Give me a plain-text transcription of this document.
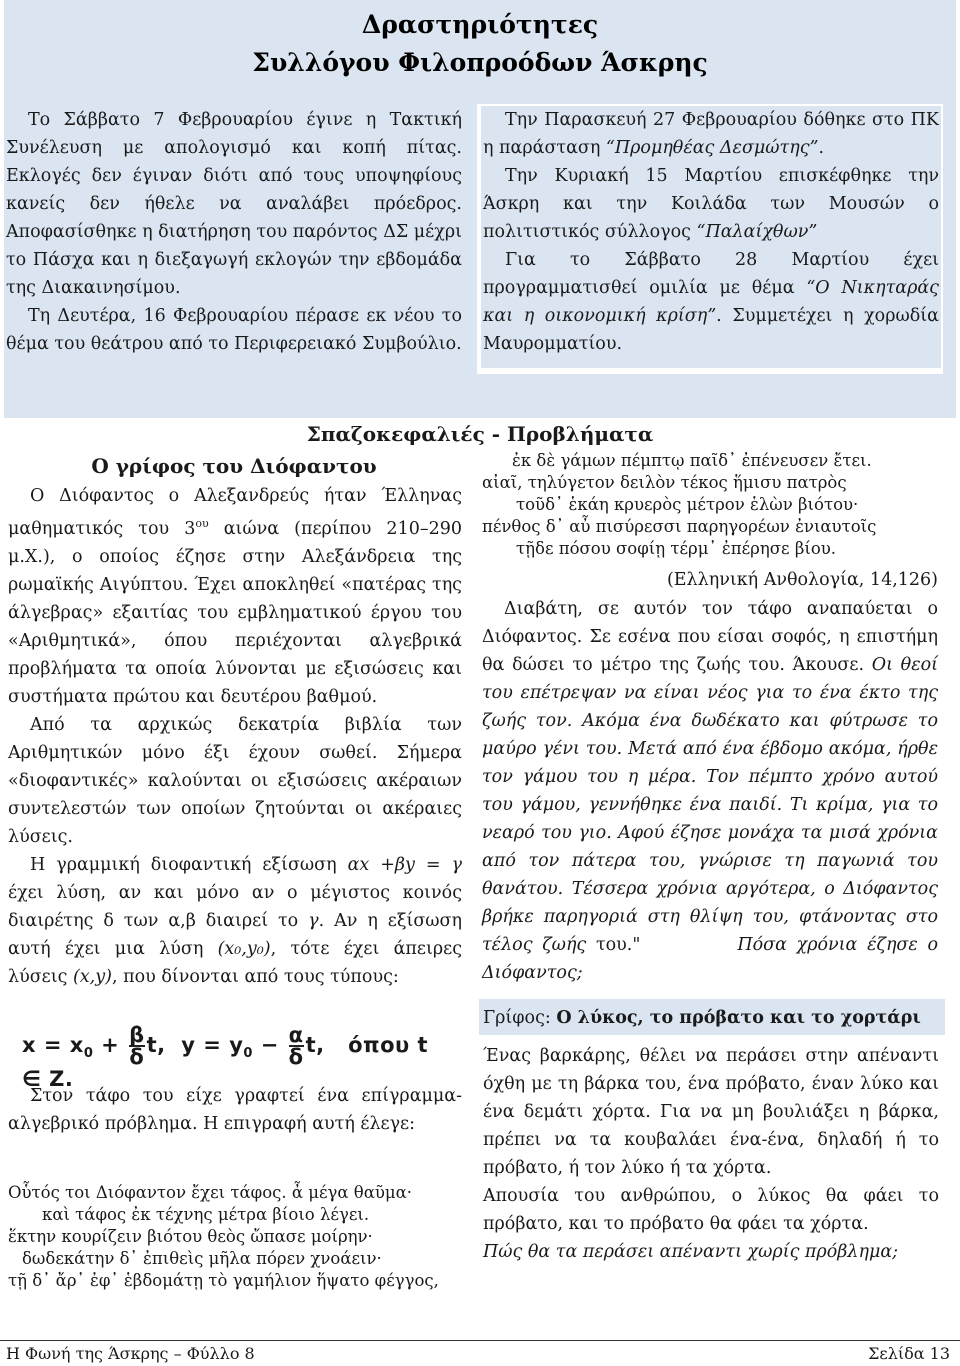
Δραστηριότητες
Συλλόγου Φιλοπροόδων Άσκρης

Το Σάββατο 7 Φεβρουαρίου έγινε η Τακτική Συνέλευση με απολογισμό και κοπή πίτας. Εκλογές δεν έγιναν διότι από τους υποψηφίους κανείς δεν ήθελε να αναλάβει πρόεδρος. Αποφασίσθηκε η διατήρηση του παρόντος ΔΣ μέχρι το Πάσχα και η διεξαγωγή εκλογών την εβδομάδα της Διακαινησίμου.

Τη Δευτέρα, 16 Φεβρουαρίου πέρασε εκ νέου το θέμα του θεάτρου από το Περιφερειακό Συμβούλιο.

Την Παρασκευή 27 Φεβρουαρίου δόθηκε στο ΠΚ η παράσταση “Προμηθέας Δεσμώτης”.

Την Κυριακή 15 Μαρτίου επισκέφθηκε την Άσκρη και την Κοιλάδα των Μουσών ο πολιτιστικός σύλλογος “Παλαίχθων”

Για το Σάββατο 28 Μαρτίου έχει προγραμματισθεί ομιλία με θέμα “Ο Νικηταράς και η οικονομική κρίση”. Συμμετέχει η χορωδία Μαυρομματίου.

Σπαζοκεφαλιές - Προβλήματα
Ο γρίφος του Διόφαντου

Ο Διόφαντος ο Αλεξανδρεύς ήταν Έλληνας μαθηματικός του $3^{o\upsilon}$ αιώνα (περίπου 210–290 μ.Χ.), ο οποίος έζησε στην Αλεξάνδρεια της ρωμαϊκής Αιγύπτου. Έχει αποκληθεί «πατέρας της άλγεβρας» εξαιτίας του εμβληματικού έργου του «Αριθμητικά», όπου περιέχονται αλγεβρικά προβλήματα τα οποία λύνονται με εξισώσεις και συστήματα πρώτου και δευτέρου βαθμού.

Από τα αρχικώς δεκατρία βιβλία των Αριθμητικών μόνο έξι έχουν σωθεί. Σήμερα «διοφαντικές» καλούνται οι εξισώσεις ακέραιων συντελεστών των οποίων ζητούνται οι ακέραιες λύσεις.

Η γραμμική διοφαντική εξίσωση αx +βy = γ έχει λύση, αν και μόνο αν ο μέγιστος κοινός διαιρέτης δ των α,β διαιρεί το γ. Αν η εξίσωση αυτή έχει μια λύση (x₀,y₀), τότε έχει άπειρες λύσεις (x,y), που δίνονται από τους τύπους:

$x = x_0 + \frac{\beta}{\delta} t$, $y = y_0 - \frac{\alpha}{\delta} t$, όπου t ∈ Z.

Στον τάφο του είχε γραφτεί ένα επίγραμμα-αλγεβρικό πρόβλημα. Η επιγραφή αυτή έλεγε:

Οὗτός τοι Διόφαντον ἔχει τάφος. ἆ μέγα θαῦμα·
καὶ τάφος ἐκ τέχνης μέτρα βίοιο λέγει.
ἕκτην κουρίζειν βιότου θεὸς ὤπασε μοίρην·
δωδεκάτην δ᾽ ἐπιθεὶς μῆλα πόρεν χνοάειν·
τῇ δ᾽ ἄρ᾽ ἐφ᾽ ἑβδομάτῃ τὸ γαμήλιον ἥψατο φέγγος,
ἐκ δὲ γάμων πέμπτῳ παῖδ᾽ ἐπένευσεν ἔτει.
αἰαῖ, τηλύγετον δειλὸν τέκος ἥμισυ πατρὸς
τοῦδ᾽ ἑκάη κρυερὸς μέτρον ἑλὼν βιότου·
πένθος δ᾽ αὖ πισύρεσσι παρηγορέων ἐνιαυτοῖς
τῇδε πόσου σοφίῃ τέρμ᾽ ἐπέρησε βίου.
(Ελληνική Ανθολογία, 14,126)

Διαβάτη, σε αυτόν τον τάφο αναπαύεται ο Διόφαντος. Σε εσένα που είσαι σοφός, η επιστήμη θα δώσει το μέτρο της ζωής του. Άκουσε. Οι θεοί του επέτρεψαν να είναι νέος για το ένα έκτο της ζωής τον. Ακόμα ένα δωδέκατο και φύτρωσε το μαύρο γένι του. Μετά από ένα έβδομο ακόμα, ήρθε τον γάμου του η μέρα. Τον πέμπτο χρόνο αυτού του γάμου, γεννήθηκε ένα παιδί. Τι κρίμα, για το νεαρό του γιο. Αφού έζησε μονάχα τα μισά χρόνια από τον πάτερα του, γνώρισε τη παγωνιά του θανάτου. Τέσσερα χρόνια αργότερα, ο Διόφαντος βρήκε παρηγοριά στη θλίψη του, φτάνοντας στο τέλος ζωής του."	Πόσα χρόνια έζησε ο Διόφαντος;

Γρίφος: Ο λύκος, το πρόβατο και το χορτάρι

Ένας βαρκάρης, θέλει να περάσει στην απέναντι όχθη με τη βάρκα του, ένα πρόβατο, έναν λύκο και ένα δεμάτι χόρτα. Για να μη βουλιάξει η βάρκα, πρέπει να τα κουβαλάει ένα-ένα, δηλαδή ή το πρόβατο, ή τον λύκο ή τα χόρτα.

Απουσία του ανθρώπου, ο λύκος θα φάει το πρόβατο, και το πρόβατο θα φάει τα χόρτα.

Πώς θα τα περάσει απέναντι χωρίς πρόβλημα;

Η Φωνή της Άσκρης – Φύλλο 8	Σελίδα 13
